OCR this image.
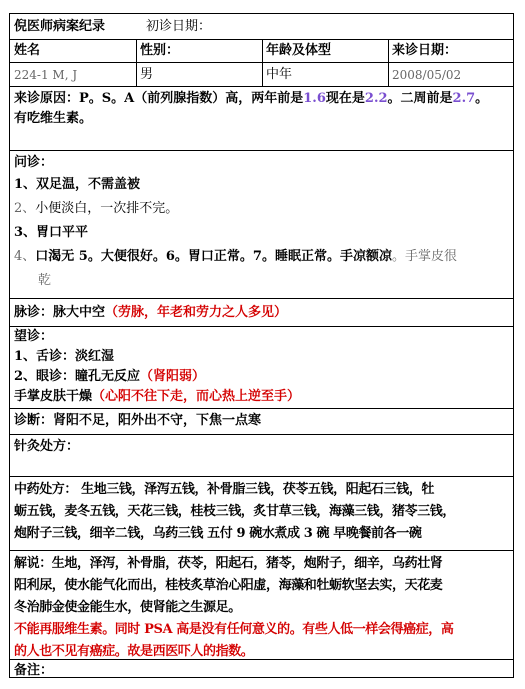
倪医师病案纪录	初诊日期：
姓名	性别：	年龄及体型	来诊日期：
224-1 M, J	男	中年	2008/05/02
来诊原因：P。S。A（前列腺指数）高，两年前是1.6现在是2.2。二周前是2.7。
有吃维生素。
问诊：
1、双足温，不需盖被
2、小便淡白，一次排不完。
3、胃口平平
4、口渴无 5。大便很好。6。胃口正常。7。睡眠正常。手凉额凉。手掌皮很
乾
脉诊：脉大中空（劳脉，年老和劳力之人多见）
望诊：
1、舌诊：淡红湿
2、眼诊：瞳孔无反应（肾阳弱）
手掌皮肤干燥（心阳不往下走，而心热上逆至手）
诊断：肾阳不足，阳外出不守，下焦一点寒
针灸处方：
中药处方： 生地三钱，泽泻五钱，补骨脂三钱，茯苓五钱，阳起石三钱，牡
蛎五钱，麦冬五钱，天花三钱，桂枝三钱，炙甘草三钱，海藻三钱，猪苓三钱，
炮附子三钱，细辛二钱，乌药三钱 五付 9 碗水煮成 3 碗 早晚餐前各一碗
解说：生地，泽泻，补骨脂，茯苓，阳起石，猪苓，炮附子，细辛，乌药壮肾
阳利尿，使水能气化而出，桂枝炙草治心阳虚，海藻和牡蛎软坚去实，天花麦
冬治肺金使金能生水，使肾能之生源足。
不能再服维生素。同时 PSA 高是没有任何意义的。有些人低一样会得癌症，高
的人也不见有癌症。故是西医吓人的指数。
备注：
